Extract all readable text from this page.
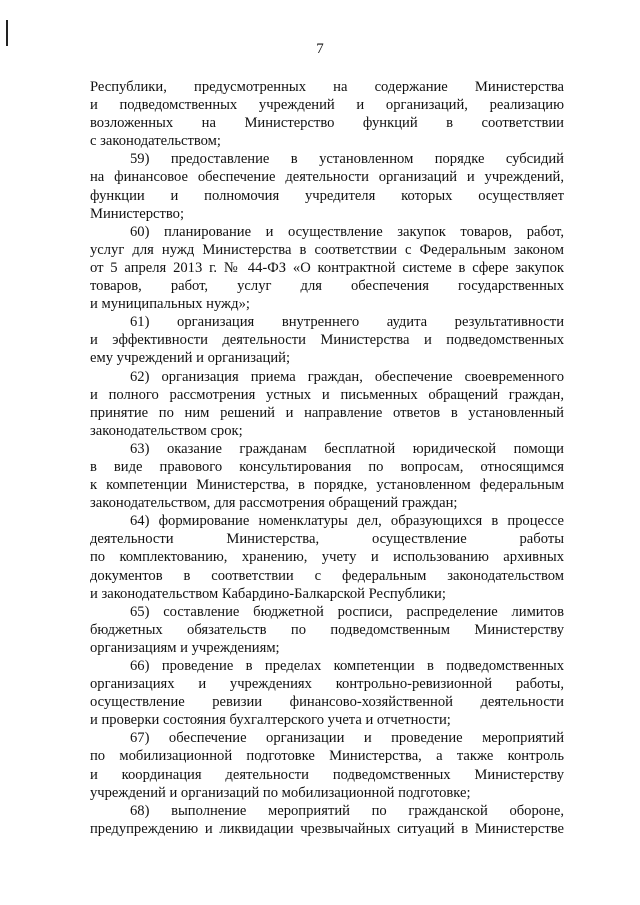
7
Республики, предусмотренных на содержание Министерства
и подведомственных учреждений и организаций, реализацию
возложенных на Министерство функций в соответствии
с законодательством;
59) предоставление в установленном порядке субсидий
на финансовое обеспечение деятельности организаций и учреждений,
функции и полномочия учредителя которых осуществляет
Министерство;
60) планирование и осуществление закупок товаров, работ,
услуг для нужд Министерства в соответствии с Федеральным законом
от 5 апреля 2013 г. № 44-ФЗ «О контрактной системе в сфере закупок
товаров, работ, услуг для обеспечения государственных
и муниципальных нужд»;
61) организация внутреннего аудита результативности
и эффективности деятельности Министерства и подведомственных
ему учреждений и организаций;
62) организация приема граждан, обеспечение своевременного
и полного рассмотрения устных и письменных обращений граждан,
принятие по ним решений и направление ответов в установленный
законодательством срок;
63) оказание гражданам бесплатной юридической помощи
в виде правового консультирования по вопросам, относящимся
к компетенции Министерства, в порядке, установленном федеральным
законодательством, для рассмотрения обращений граждан;
64) формирование номенклатуры дел, образующихся в процессе
деятельности Министерства, осуществление работы
по комплектованию, хранению, учету и использованию архивных
документов в соответствии с федеральным законодательством
и законодательством Кабардино-Балкарской Республики;
65) составление бюджетной росписи, распределение лимитов
бюджетных обязательств по подведомственным Министерству
организациям и учреждениям;
66) проведение в пределах компетенции в подведомственных
организациях и учреждениях контрольно-ревизионной работы,
осуществление ревизии финансово-хозяйственной деятельности
и проверки состояния бухгалтерского учета и отчетности;
67) обеспечение организации и проведение мероприятий
по мобилизационной подготовке Министерства, а также контроль
и координация деятельности подведомственных Министерству
учреждений и организаций по мобилизационной подготовке;
68) выполнение мероприятий по гражданской обороне,
предупреждению и ликвидации чрезвычайных ситуаций в Министерстве
